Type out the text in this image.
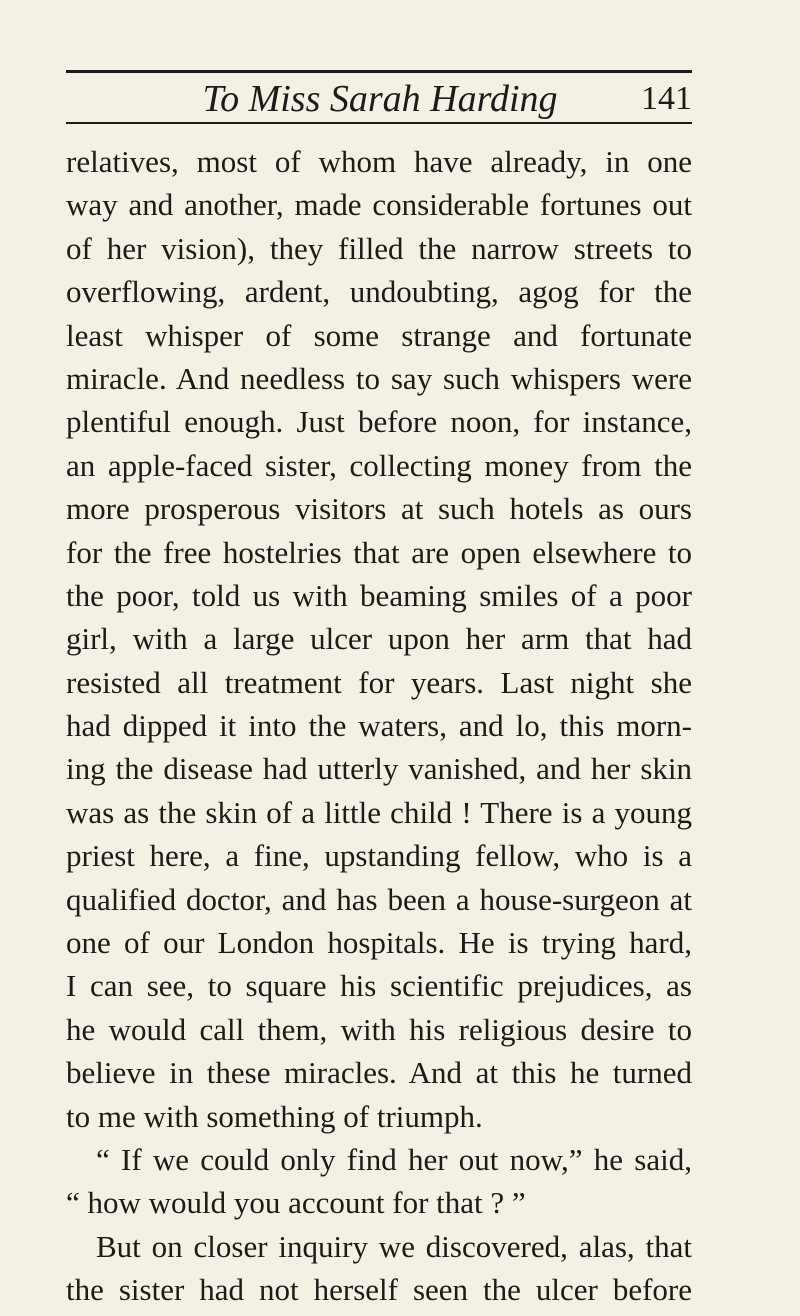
To Miss Sarah Harding	141
relatives, most of whom have already, in one
way and another, made considerable fortunes out
of her vision), they filled the narrow streets to
overflowing, ardent, undoubting, agog for the
least whisper of some strange and fortunate
miracle. And needless to say such whispers were
plentiful enough. Just before noon, for instance,
an apple-faced sister, collecting money from the
more prosperous visitors at such hotels as ours
for the free hostelries that are open elsewhere to
the poor, told us with beaming smiles of a poor
girl, with a large ulcer upon her arm that had
resisted all treatment for years. Last night she
had dipped it into the waters, and lo, this morn-
ing the disease had utterly vanished, and her skin
was as the skin of a little child ! There is a young
priest here, a fine, upstanding fellow, who is a
qualified doctor, and has been a house-surgeon at
one of our London hospitals. He is trying hard,
I can see, to square his scientific prejudices, as
he would call them, with his religious desire to
believe in these miracles. And at this he turned
to me with something of triumph.
“ If we could only find her out now,” he said,
“ how would you account for that ? ”
But on closer inquiry we discovered, alas, that
the sister had not herself seen the ulcer before
